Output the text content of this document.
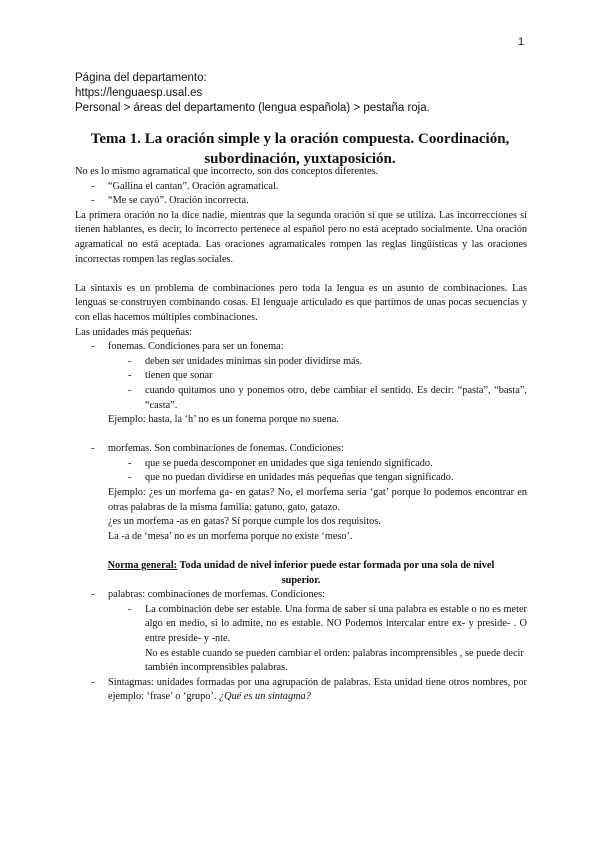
1
Página del departamento:
https://lenguaesp.usal.es
Personal > áreas del departamento (lengua española) > pestaña roja.
Tema 1. La oración simple y la oración compuesta. Coordinación,
subordinación, yuxtaposición.

No es lo mismo agramatical que incorrecto, son dos conceptos diferentes.

- “Gallina el cantan”. Oración agramatical.
- “Me se cayó”. Oración incorrecta.

La primera oración no la dice nadie, mientras que la segunda oración sí que se utiliza. Las incorrecciones sí tienen hablantes, es decir, lo incorrecto pertenece al español pero no está aceptado socialmente. Una oración agramatical no está aceptada. Las oraciones agramaticales rompen las reglas lingüísticas y las oraciones incorrectas rompen las reglas sociales.

La sintaxis es un problema de combinaciones pero toda la lengua es un asunto de combinaciones. Las lenguas se construyen combinando cosas. El lenguaje articulado es que partimos de unas pocas secuencias y con ellas hacemos múltiples combinaciones.

Las unidades más pequeñas:

- fonemas. Condiciones para ser un fonema:
- deben ser unidades mínimas sin poder dividirse más.
- tienen que sonar
- cuando quitamos uno y ponemos otro, debe cambiar el sentido. Es decir: “pasta”, “basta”, “casta”.

Ejemplo: hasta, la ‘h’ no es un fonema porque no suena.

- morfemas. Son combinaciones de fonemas. Condiciones:
- que se pueda descomponer en unidades que siga teniendo significado.
- que no puedan dividirse en unidades más pequeñas que tengan significado.

Ejemplo: ¿es un morfema ga- en gatas? No, el morfema sería ‘gat’ porque lo podemos encontrar en otras palabras de la misma familia: gatuno, gato, gatazo.

¿es un morfema -as en gatas? Sí porque cumple los dos requisitos.

La -a de ‘mesa’ no es un morfema porque no existe ‘meso’.

Norma general: Toda unidad de nivel inferior puede estar formada por una sola de nivel superior.

- palabras: combinaciones de morfemas. Condiciones:
- La combinación debe ser estable. Una forma de saber si una palabra es estable o no es meter algo en medio, si lo admite, no es estable. NO Podemos intercalar entre ex- y preside- . O entre preside- y -nte.

No es estable cuando se pueden cambiar el orden: palabras incomprensibles , se puede decir también incomprensibles palabras.

- Sintagmas: unidades formadas por una agrupación de palabras. Esta unidad tiene otros nombres, por ejemplo: ‘frase’ o ‘grupo’. ¿Qué es un sintagma?
